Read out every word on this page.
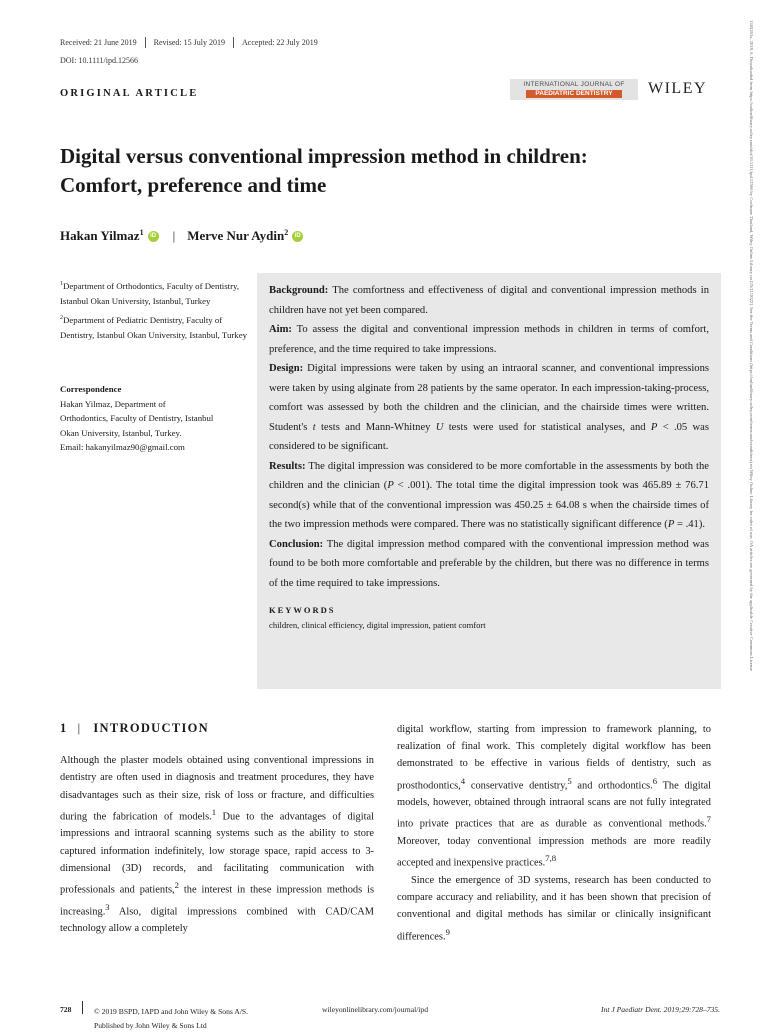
Received: 21 June 2019	Revised: 15 July 2019	Accepted: 22 July 2019
DOI: 10.1111/ipd.12566
ORIGINAL ARTICLE
INTERNATIONAL JOURNAL OF
PAEDIATRIC DENTISTRY	WILEY	1365263x, 2019, 6, Downloaded from https://onlinelibrary.wiley.com/doi/10.1111/ipd.12566 by Cochrane Thailand, Wiley Online Library on [25/11/2022]. See the Terms and Conditions (https://onlinelibrary.wiley.com/terms-and-conditions) on Wiley Online Library for rules of use; OA articles are governed by the applicable Creative Commons License
Digital versus conventional impression method in children:
Comfort, preference and time
Hakan Yilmaz$^1$	iD | Merve Nur Aydin$^2$	iD

$^1$Department of Orthodontics, Faculty of Dentistry, Istanbul Okan University, Istanbul, Turkey

$^2$Department of Pediatric Dentistry, Faculty of Dentistry, Istanbul Okan University, Istanbul, Turkey

Correspondence
Hakan Yilmaz, Department of
Orthodontics, Faculty of Dentistry, Istanbul
Okan University, Istanbul, Turkey.
Email: hakanyilmaz90@gmail.com

Background: The comfortness and effectiveness of digital and conventional impression methods in children have not yet been compared.

Aim: To assess the digital and conventional impression methods in children in terms of comfort, preference, and the time required to take impressions.

Design: Digital impressions were taken by using an intraoral scanner, and conventional impressions were taken by using alginate from 28 patients by the same operator. In each impression-taking-process, comfort was assessed by both the children and the clinician, and the chairside times were written. Student's t tests and Mann-Whitney U tests were used for statistical analyses, and P < .05 was considered to be significant.

Results: The digital impression was considered to be more comfortable in the assessments by both the children and the clinician (P < .001). The total time the digital impression took was 465.89 ± 76.71 second(s) while that of the conventional impression was 450.25 ± 64.08 s when the chairside times of the two impression methods were compared. There was no statistically significant difference (P = .41).

Conclusion: The digital impression method compared with the conventional impression method was found to be both more comfortable and preferable by the children, but there was no difference in terms of the time required to take impressions.

KEYWORDS
children, clinical efficiency, digital impression, patient comfort
1 | INTRODUCTION

Although the plaster models obtained using conventional impressions in dentistry are often used in diagnosis and treatment procedures, they have disadvantages such as their size, risk of loss or fracture, and difficulties during the fabrication of models.$^1$ Due to the advantages of digital impressions and intraoral scanning systems such as the ability to store captured information indefinitely, low storage space, rapid access to 3-dimensional (3D) records, and facilitating communication with professionals and patients,$^2$ the interest in these impression methods is increasing.$^3$ Also, digital impressions combined with CAD/CAM technology allow a completely

digital workflow, starting from impression to framework planning, to realization of final work. This completely digital workflow has been demonstrated to be effective in various fields of dentistry, such as prosthodontics,$^4$ conservative dentistry,$^5$ and orthodontics.$^6$ The digital models, however, obtained through intraoral scans are not fully integrated into private practices that are as durable as conventional methods.$^7$ Moreover, today conventional impression methods are more readily accepted and inexpensive practices.$^{7,8}$

Since the emergence of 3D systems, research has been conducted to compare accuracy and reliability, and it has been shown that precision of conventional and digital methods has similar or clinically insignificant differences.$^9$

728	© 2019 BSPD, IAPD and John Wiley & Sons A/S.
Published by John Wiley & Sons Ltd
wileyonlinelibrary.com/journal/ipd	Int J Paediatr Dent. 2019;29:728–735.
